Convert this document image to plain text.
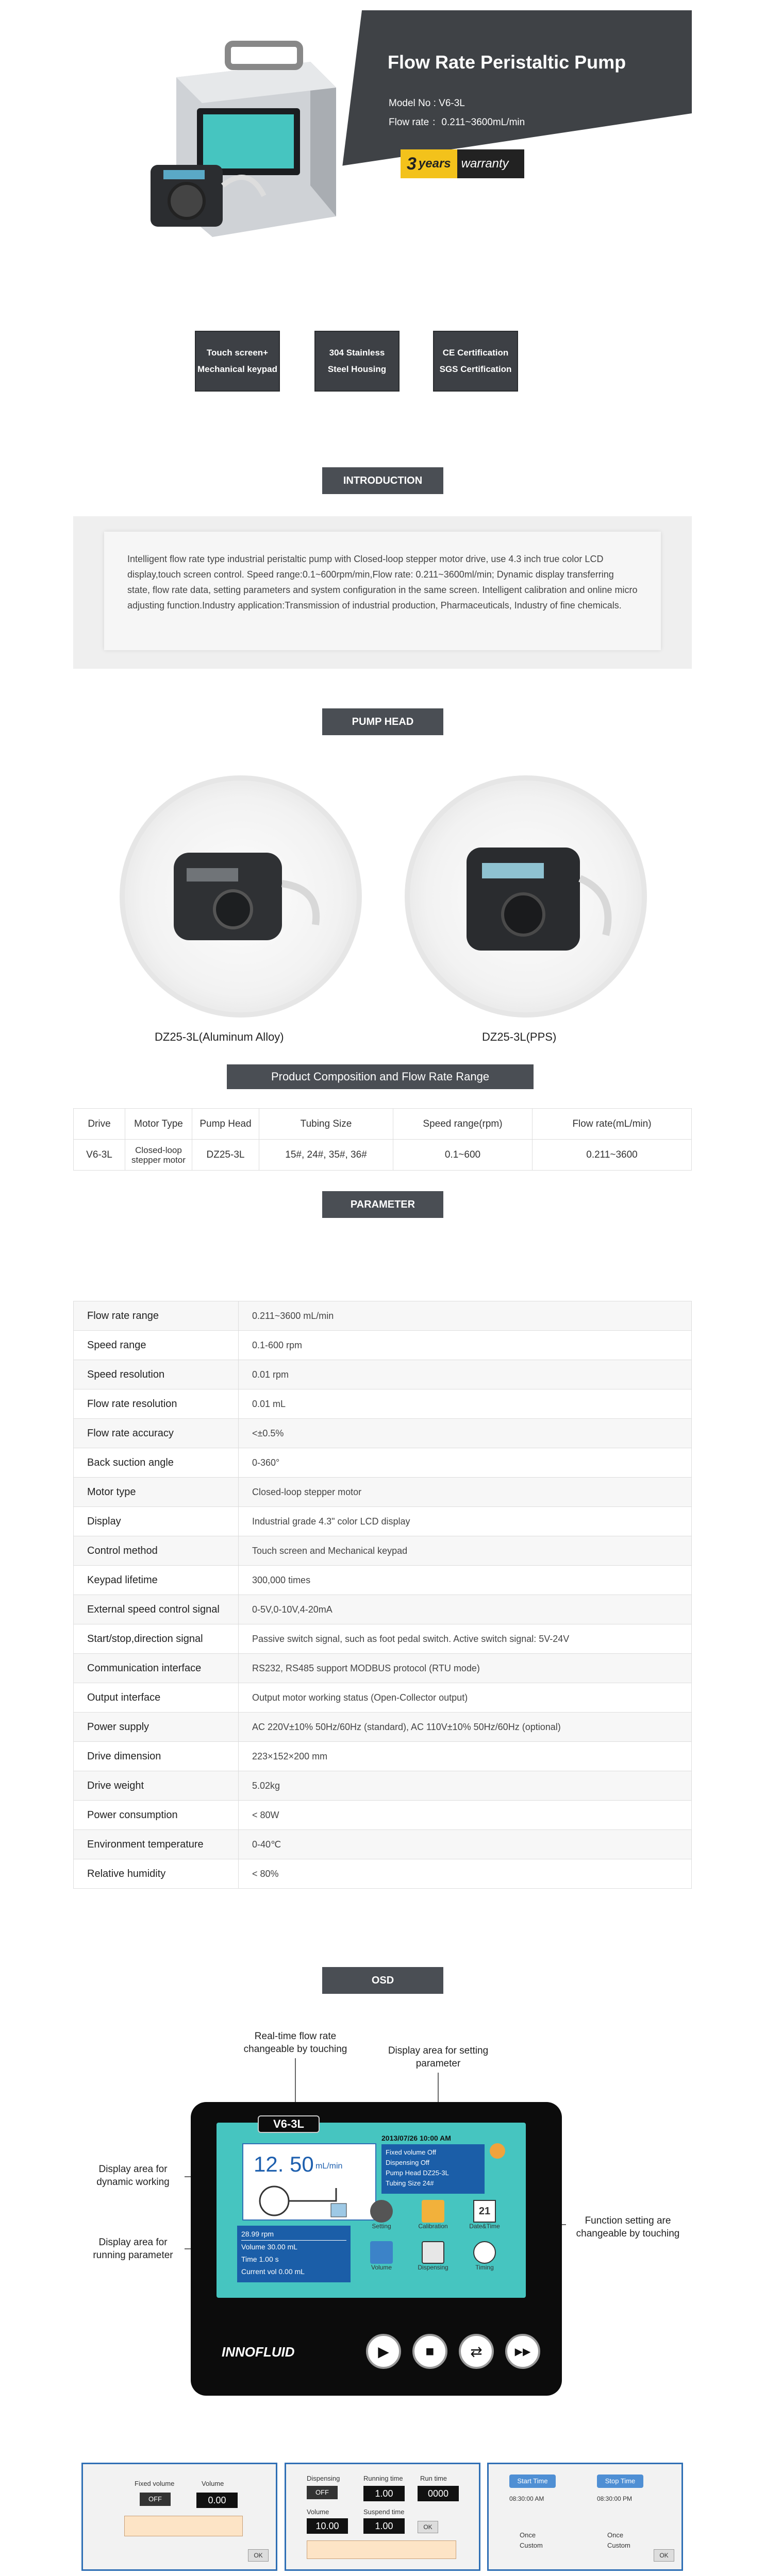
Flow Rate Peristaltic Pump
Model No : V6-3L
Flow rate ：0.211~3600mL/min
3 years warranty
Touch screen+
Mechanical keypad
304 Stainless
Steel Housing
CE Certification
SGS Certification
INTRODUCTION
Intelligent flow rate type industrial peristaltic pump with Closed-loop stepper motor drive, use 4.3 inch true color LCD display,touch screen control. Speed range:0.1~600rpm/min,Flow rate: 0.211~3600ml/min; Dynamic display transferring state, flow rate data, setting parameters and system configuration in the same screen. Intelligent calibration and online micro adjusting function.Industry application:Transmission of industrial production, Pharmaceuticals, Industry of fine chemicals.
PUMP HEAD
DZ25-3L(Aluminum Alloy)	DZ25-3L(PPS)
Product Composition and Flow Rate Range
Drive	Motor Type	Pump Head	Tubing Size	Speed range(rpm)	Flow rate(mL/min)
V6-3L	Closed-loop stepper motor	DZ25-3L	15#, 24#, 35#, 36#	0.1~600	0.211~3600
PARAMETER
Flow rate range	0.211~3600 mL/min
Speed range	0.1-600 rpm
Speed resolution	0.01 rpm
Flow rate resolution	0.01 mL
Flow rate accuracy	<±0.5%
Back suction angle	0-360°
Motor type	Closed-loop stepper motor
Display	Industrial grade 4.3" color LCD display
Control method	Touch screen and Mechanical keypad
Keypad lifetime	300,000 times
External speed control signal	0-5V,0-10V,4-20mA
Start/stop,direction signal	Passive switch signal, such as foot pedal switch. Active switch signal: 5V-24V
Communication interface	RS232, RS485 support MODBUS protocol (RTU mode)
Output interface	Output motor working status (Open-Collector output)
Power supply	AC 220V±10% 50Hz/60Hz (standard), AC 110V±10% 50Hz/60Hz (optional)
Drive dimension	223×152×200 mm
Drive weight	5.02kg
Power consumption	< 80W
Environment temperature	0-40℃
Relative humidity	< 80%
OSD
Real-time flow rate changeable by touching	Display area for setting parameter
Display area for dynamic working
Display area for running parameter
Function setting are changeable by touching
V6-3L
12. 50 mL/min
2013/07/26 10:00 AM
Fixed volume Off
Dispensing Off
Pump Head DZ25-3L
Tubing Size 24#
28.99 rpm
Volume 30.00 mL
Time 1.00 s
Current vol 0.00 mL
Setting	Calibration
21
Date&Time
Volume	Dispensing	Timing
INNOFLUID	▶	■	⇄	▶▶
Fixed volume	Volume
OFF	0.00
OK
Dispensing	Running time	Run time
OFF	1.00	0000
Volume	Suspend time
10.00	1.00	OK
Start Time	Stop Time
08:30:00 AM	08:30:00 PM
Once
Custom
Once
Custom
OK
